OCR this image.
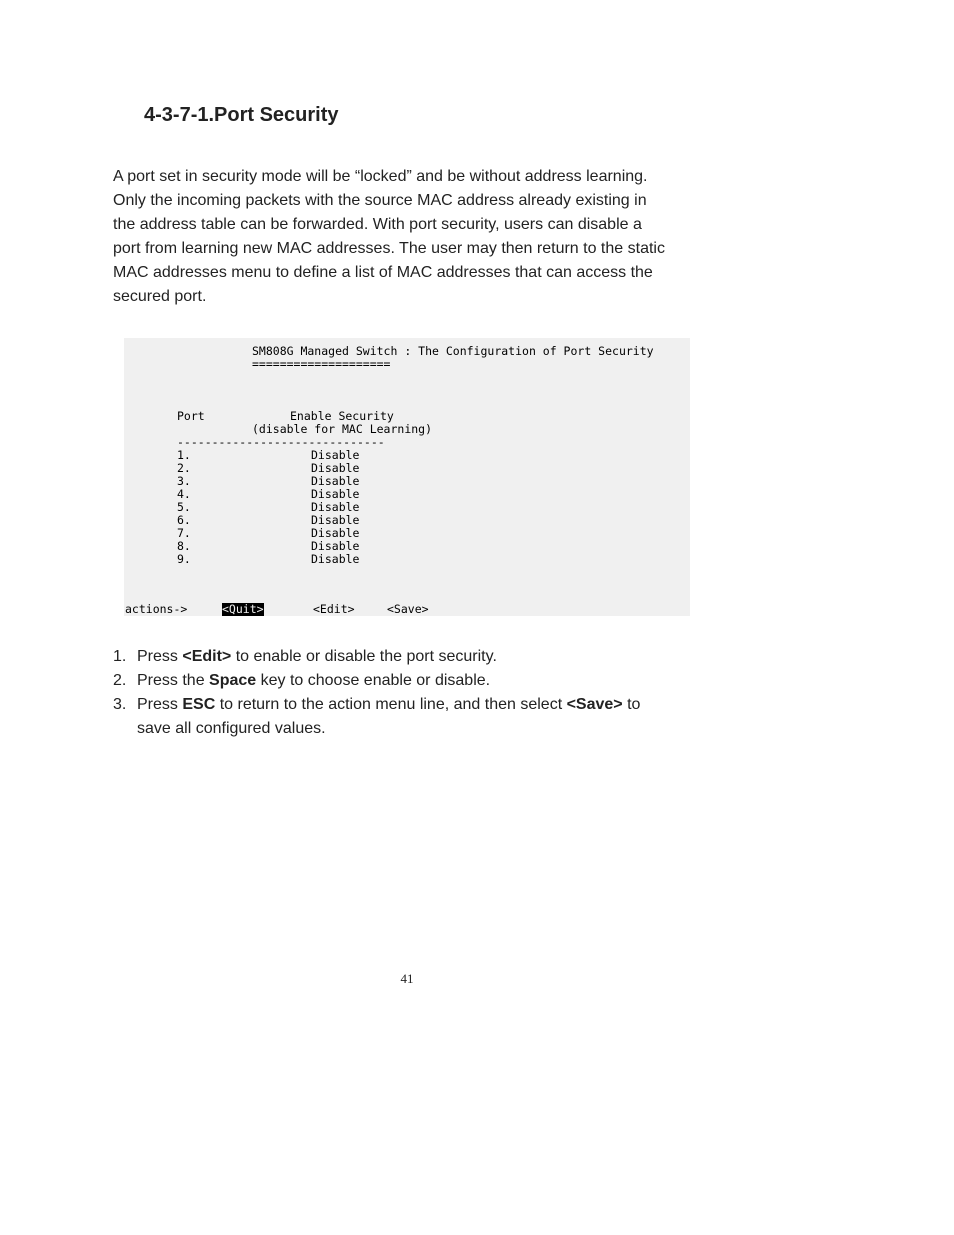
4-3-7-1.Port Security

A port set in security mode will be “locked” and be without address learning.
Only the incoming packets with the source MAC address already existing in
the address table can be forwarded. With port security, users can disable a
port from learning new MAC addresses. The user may then return to the static
MAC addresses menu to define a list of MAC addresses that can access the
secured port.

SM808G Managed Switch : The Configuration of Port Security
====================
Port	Enable Security
(disable for MAC Learning)
------------------------------
1.	Disable
2.	Disable
3.	Disable
4.	Disable
5.	Disable
6.	Disable
7.	Disable
8.	Disable
9.	Disable
actions->	<Quit>	<Edit>	<Save>
1. Press <Edit> to enable or disable the port security.
2. Press the Space key to choose enable or disable.
3. Press ESC to return to the action menu line, and then select <Save> to
save all configured values.
41
